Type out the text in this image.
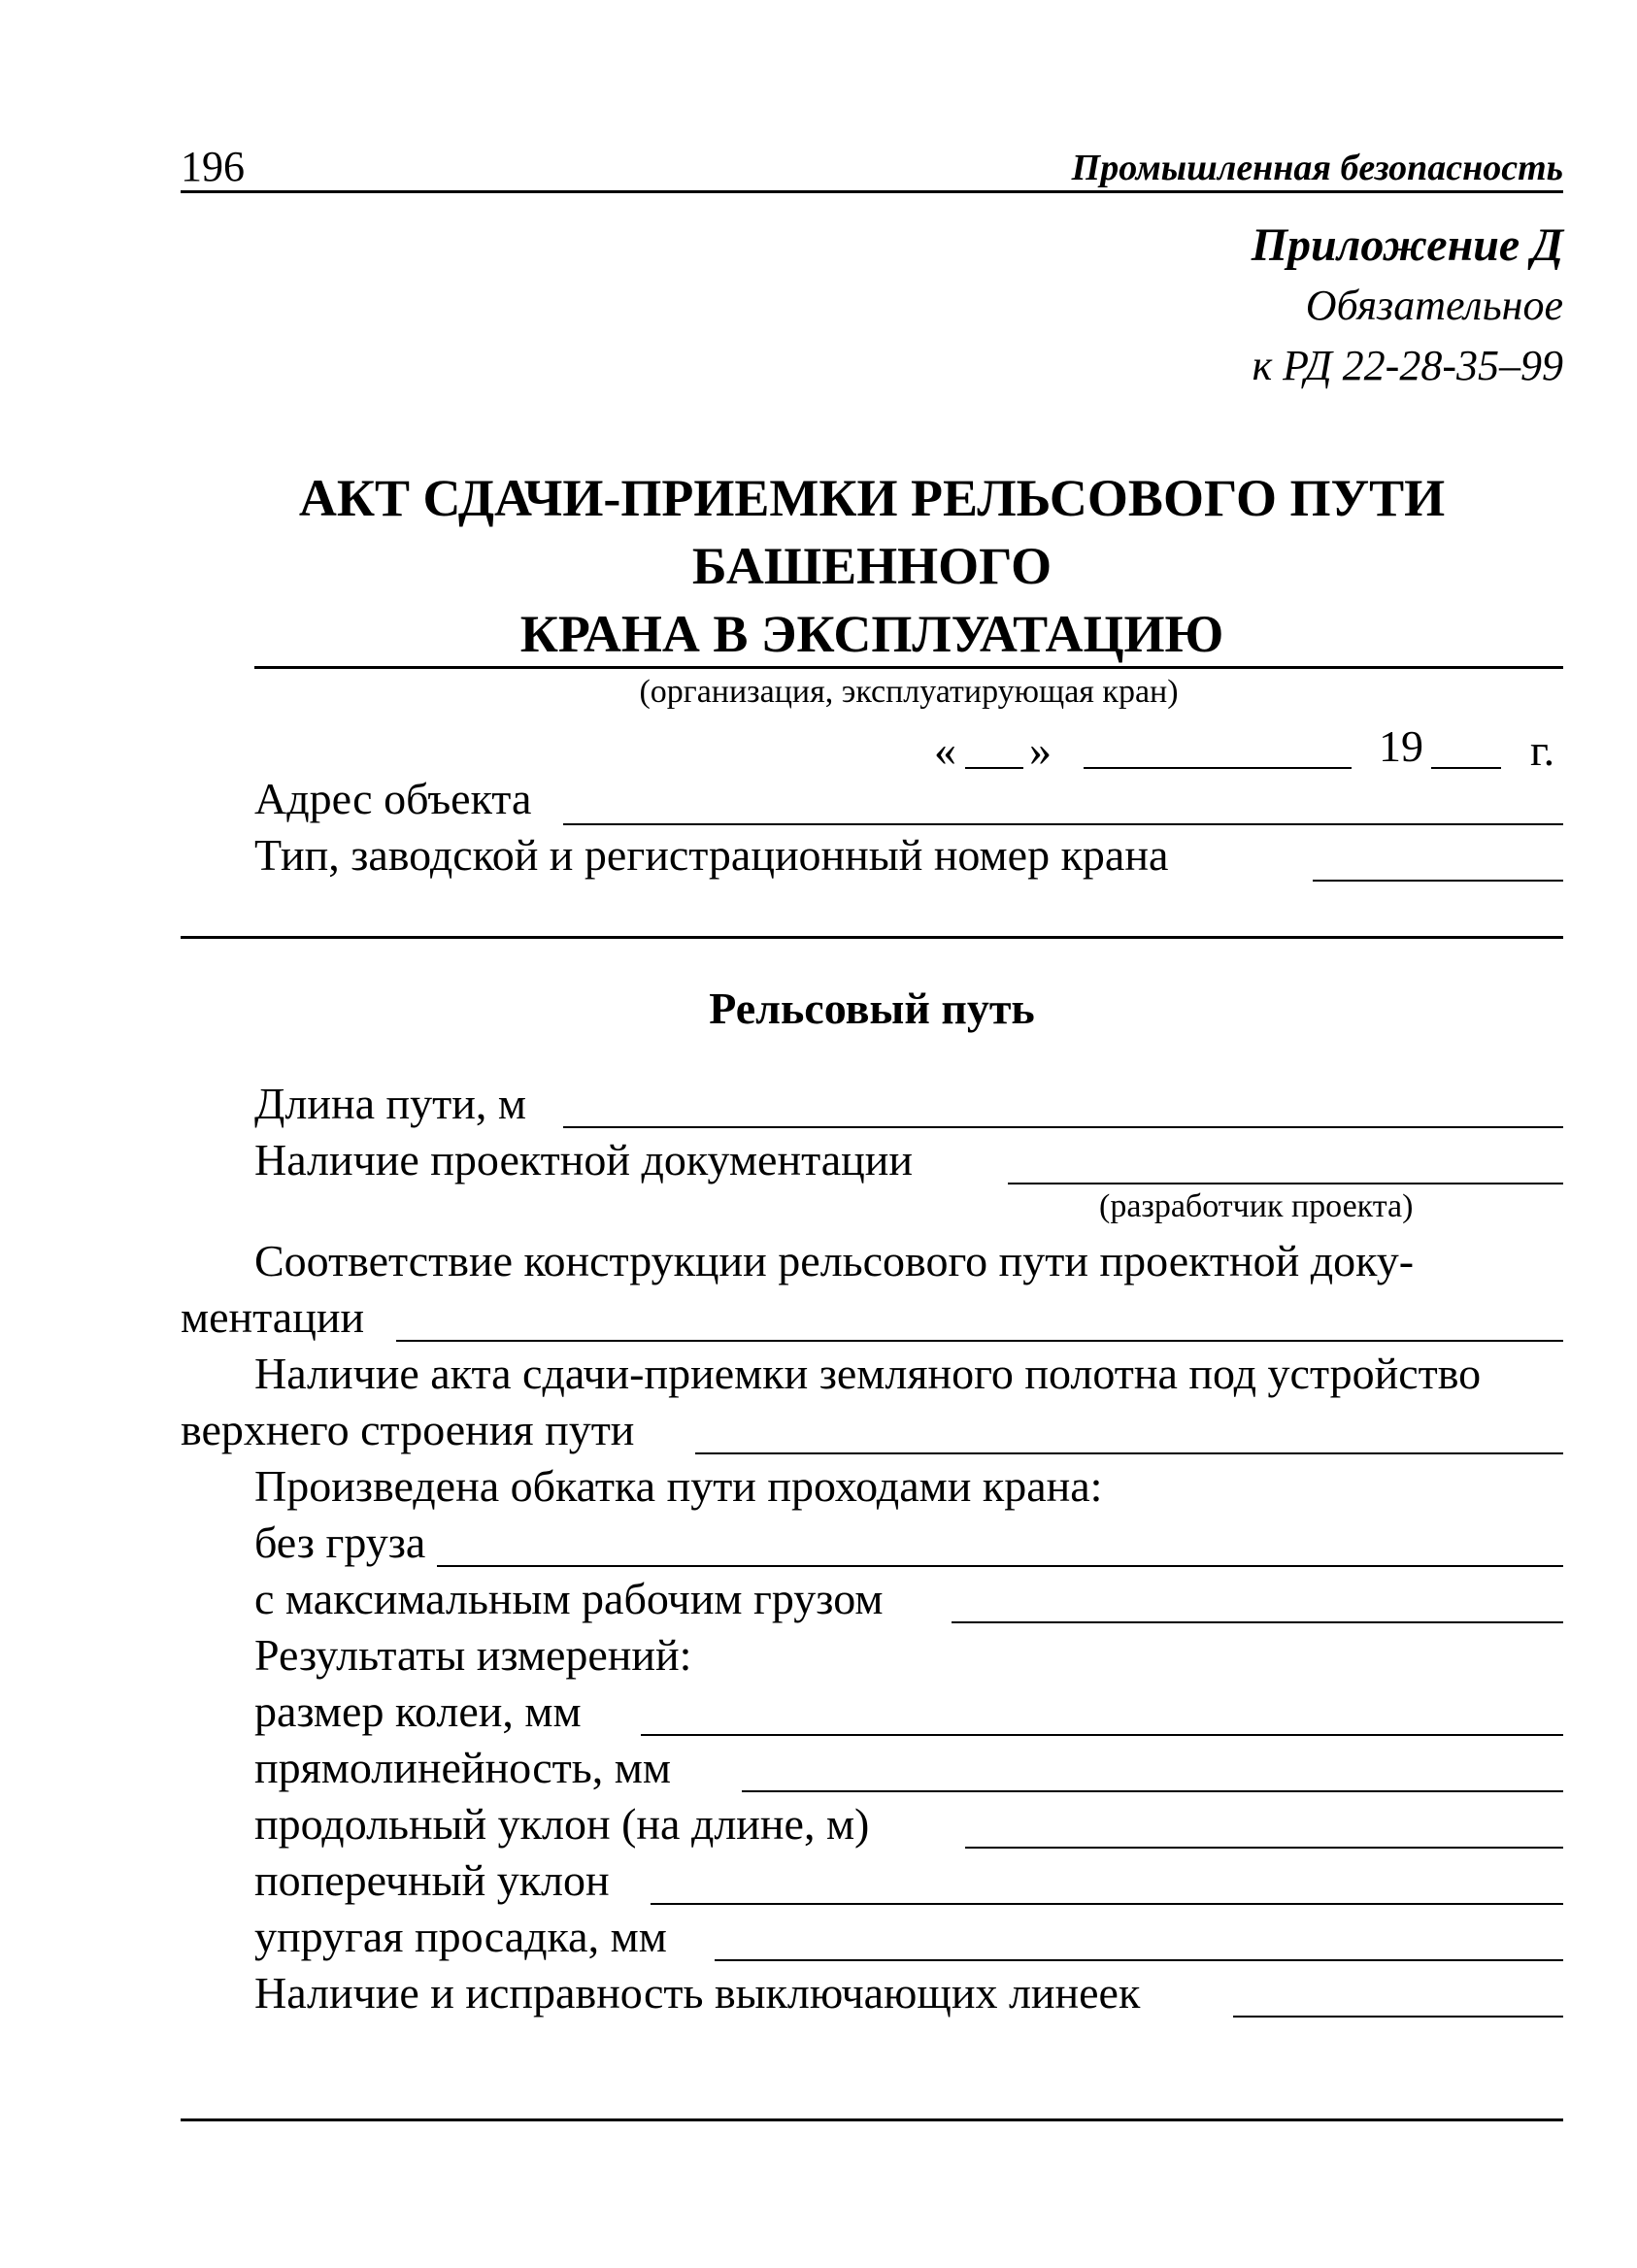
196	Промышленная безопасность
Приложение Д
Обязательное
к РД 22-28-35–99
АКТ СДАЧИ-ПРИЕМКИ РЕЛЬСОВОГО ПУТИ БАШЕННОГО
КРАНА В ЭКСПЛУАТАЦИЮ
(организация, эксплуатирующая кран)
« »	19 г.
Адрес объекта
Тип, заводской и регистрационный номер крана
Рельсовый путь
Длина пути, м
Наличие проектной документации
(разработчик проекта)
Соответствие конструкции рельсового пути проектной доку-
ментации
Наличие акта сдачи-приемки земляного полотна под устройство
верхнего строения пути
Произведена обкатка пути проходами крана:
без груза
с максимальным рабочим грузом
Результаты измерений:
размер колеи, мм
прямолинейность, мм
продольный уклон (на длине, м)
поперечный уклон
упругая просадка, мм
Наличие и исправность выключающих линеек
